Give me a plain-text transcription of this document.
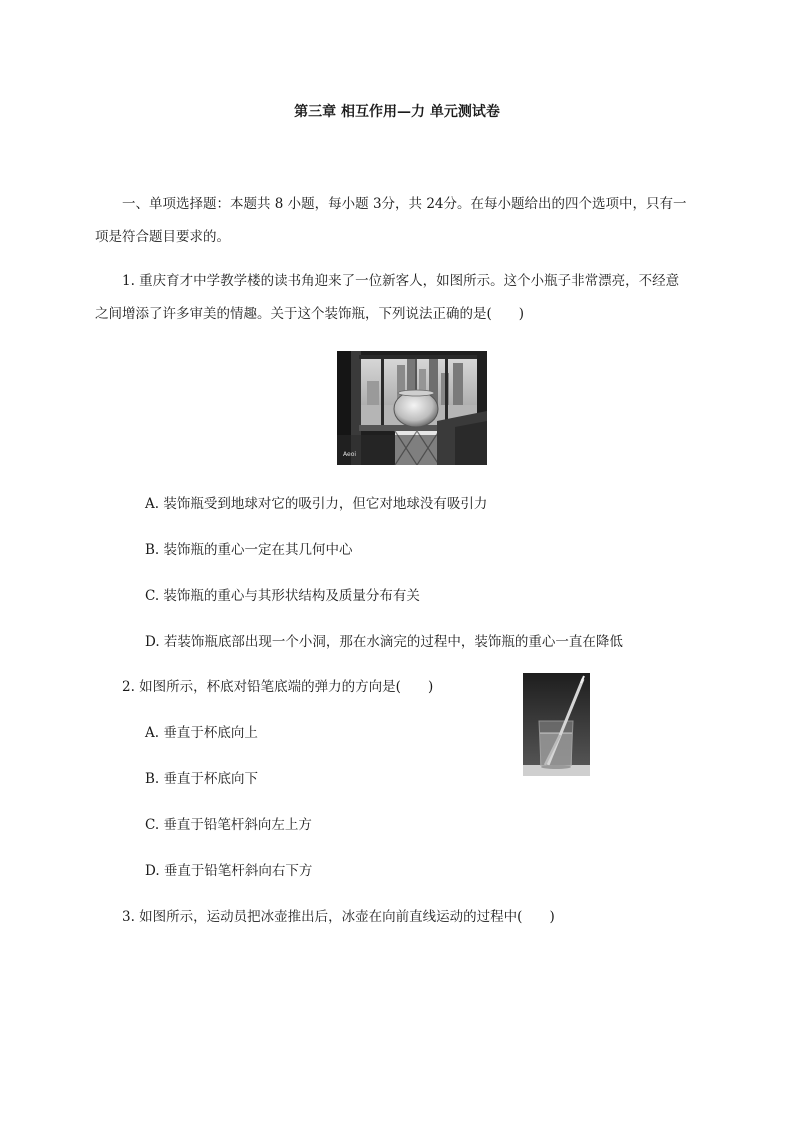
第三章 相互作用—力 单元测试卷
一、单项选择题：本题共 8 小题，每小题 3分，共 24分。在每小题给出的四个选项中，只有一
项是符合题目要求的。
1. 重庆育才中学教学楼的读书角迎来了一位新客人，如图所示。这个小瓶子非常漂亮，不经意
之间增添了许多审美的情趣。关于这个装饰瓶，下列说法正确的是(　　)
Aeoi
A. 装饰瓶受到地球对它的吸引力，但它对地球没有吸引力
B. 装饰瓶的重心一定在其几何中心
C. 装饰瓶的重心与其形状结构及质量分布有关
D. 若装饰瓶底部出现一个小洞，那在水滴完的过程中，装饰瓶的重心一直在降低
2. 如图所示，杯底对铅笔底端的弹力的方向是(　　)
A. 垂直于杯底向上
B. 垂直于杯底向下
C. 垂直于铅笔杆斜向左上方
D. 垂直于铅笔杆斜向右下方
3. 如图所示，运动员把冰壶推出后，冰壶在向前直线运动的过程中(　　)
